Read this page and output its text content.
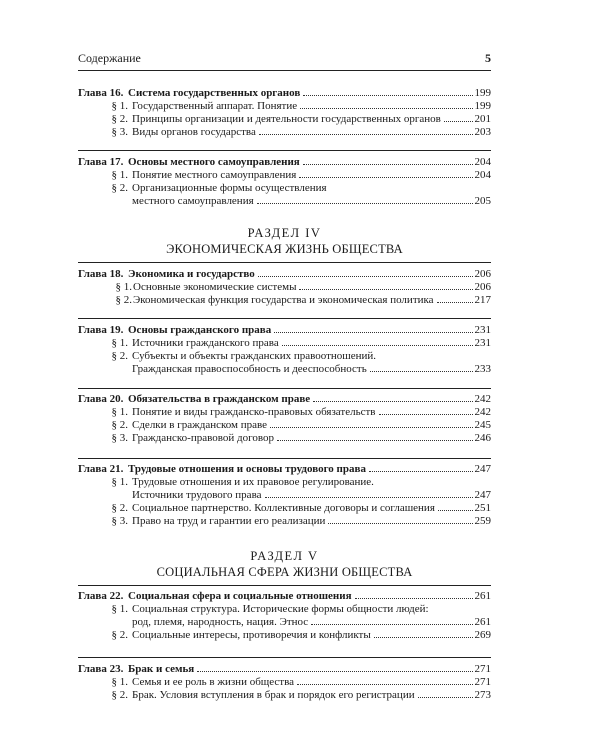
Содержание	5
Глава 16. Система государственных органов	199
§ 1. Государственный аппарат. Понятие	199
§ 2. Принципы организации и деятельности государственных органов	201
§ 3. Виды органов государства	203
Глава 17. Основы местного самоуправления	204
§ 1. Понятие местного самоуправления	204
§ 2. Организационные формы осуществления
местного самоуправления	205
РАЗДЕЛ IV
ЭКОНОМИЧЕСКАЯ ЖИЗНЬ ОБЩЕСТВА
Глава 18. Экономика и государство	206
§ 1. Основные экономические системы	206
§ 2. Экономическая функция государства и экономическая политика	217
Глава 19. Основы гражданского права	231
§ 1. Источники гражданского права	231
§ 2. Субъекты и объекты гражданских правоотношений.
Гражданская правоспособность и дееспособность	233
Глава 20. Обязательства в гражданском праве	242
§ 1. Понятие и виды гражданско-правовых обязательств	242
§ 2. Сделки в гражданском праве	245
§ 3. Гражданско-правовой договор	246
Глава 21. Трудовые отношения и основы трудового права	247
§ 1. Трудовые отношения и их правовое регулирование.
Источники трудового права	247
§ 2. Социальное партнерство. Коллективные договоры и соглашения	251
§ 3. Право на труд и гарантии его реализации	259
РАЗДЕЛ V
СОЦИАЛЬНАЯ СФЕРА ЖИЗНИ ОБЩЕСТВА
Глава 22. Социальная сфера и социальные отношения	261
§ 1. Социальная структура. Исторические формы общности людей:
род, племя, народность, нация. Этнос	261
§ 2. Социальные интересы, противоречия и конфликты	269
Глава 23. Брак и семья	271
§ 1. Семья и ее роль в жизни общества	271
§ 2. Брак. Условия вступления в брак и порядок его регистрации	273
